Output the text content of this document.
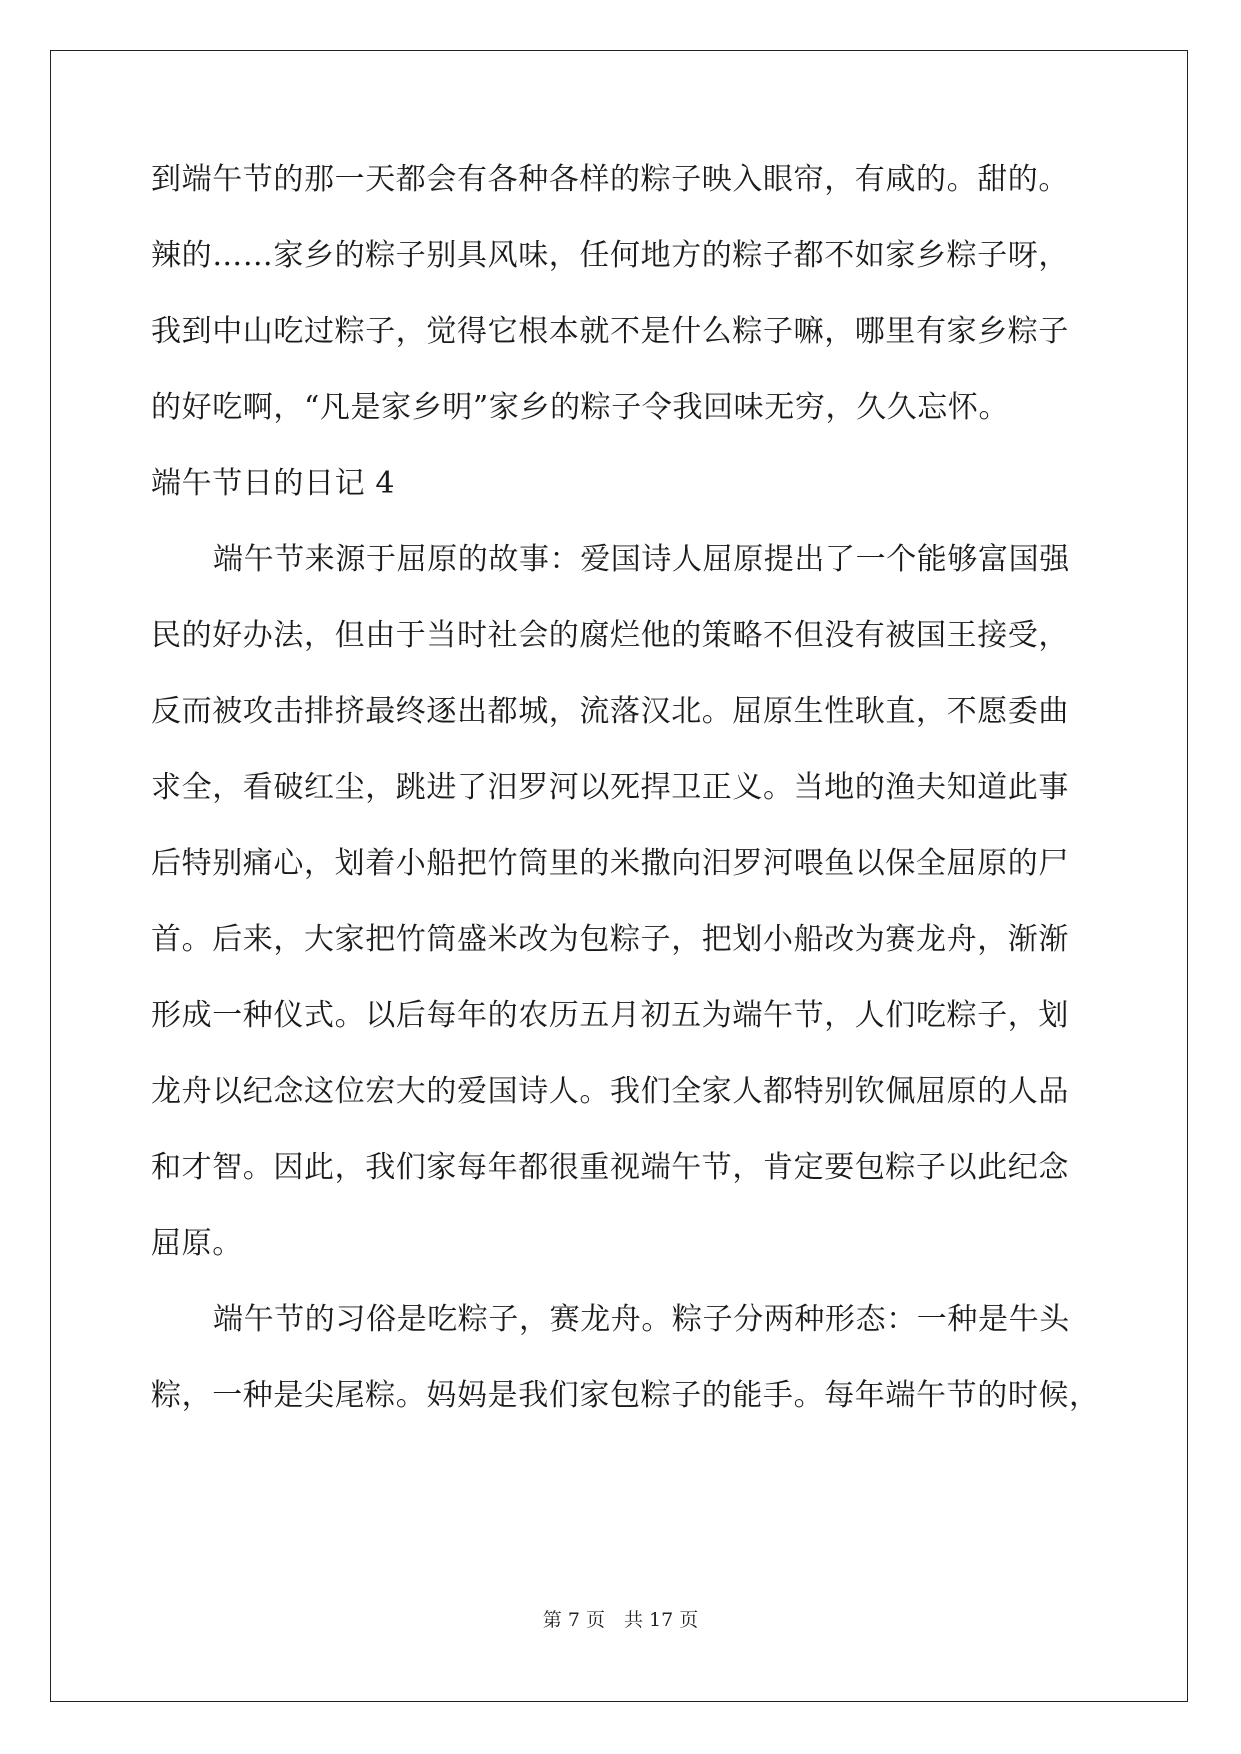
到端午节的那一天都会有各种各样的粽子映入眼帘，有咸的。甜的。
辣的……家乡的粽子别具风味，任何地方的粽子都不如家乡粽子呀，
我到中山吃过粽子，觉得它根本就不是什么粽子嘛，哪里有家乡粽子
的好吃啊，“凡是家乡明”家乡的粽子令我回味无穷，久久忘怀。
端午节日的日记 4
端午节来源于屈原的故事：爱国诗人屈原提出了一个能够富国强
民的好办法，但由于当时社会的腐烂他的策略不但没有被国王接受，
反而被攻击排挤最终逐出都城，流落汉北。屈原生性耿直，不愿委曲
求全，看破红尘，跳进了汨罗河以死捍卫正义。当地的渔夫知道此事
后特别痛心，划着小船把竹筒里的米撒向汨罗河喂鱼以保全屈原的尸
首。后来，大家把竹筒盛米改为包粽子，把划小船改为赛龙舟，渐渐
形成一种仪式。以后每年的农历五月初五为端午节，人们吃粽子，划
龙舟以纪念这位宏大的爱国诗人。我们全家人都特别钦佩屈原的人品
和才智。因此，我们家每年都很重视端午节，肯定要包粽子以此纪念
屈原。
端午节的习俗是吃粽子，赛龙舟。粽子分两种形态：一种是牛头
粽，一种是尖尾粽。妈妈是我们家包粽子的能手。每年端午节的时候，
第 7 页　共 17 页
